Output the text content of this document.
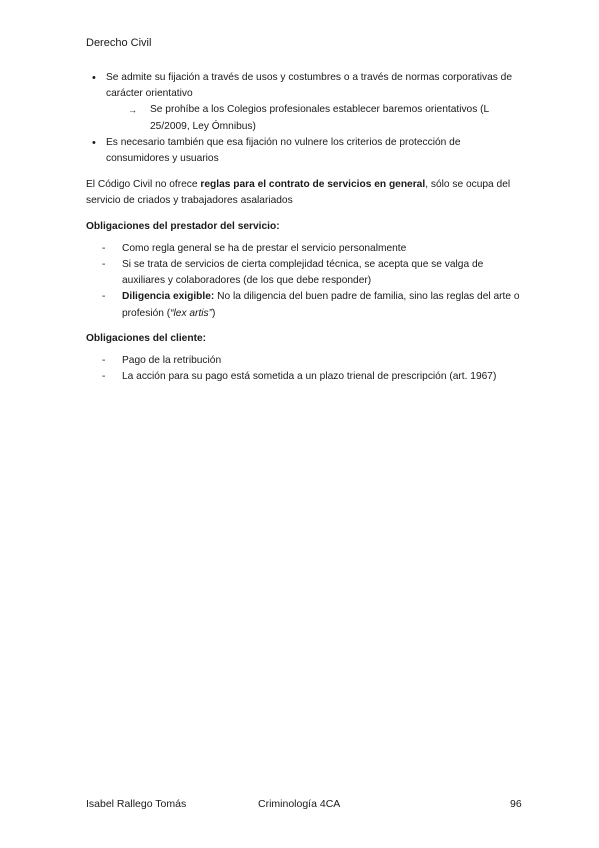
Derecho Civil
• Se admite su fijación a través de usos y costumbres o a través de normas corporativas de carácter orientativo
→	Se prohíbe a los Colegios profesionales establecer baremos orientativos (L 25/2009, Ley Ómnibus)
• Es necesario también que esa fijación no vulnere los criterios de protección de consumidores y usuarios
El Código Civil no ofrece reglas para el contrato de servicios en general, sólo se ocupa del servicio de criados y trabajadores asalariados
Obligaciones del prestador del servicio:
-	Como regla general se ha de prestar el servicio personalmente
-	Si se trata de servicios de cierta complejidad técnica, se acepta que se valga de auxiliares y colaboradores (de los que debe responder)
-	Diligencia exigible: No la diligencia del buen padre de familia, sino las reglas del arte o profesión (“lex artis”)
Obligaciones del cliente:
-	Pago de la retribución
-	La acción para su pago está sometida a un plazo trienal de prescripción (art. 1967)
Isabel Rallego Tomás	Criminología 4CA	96
